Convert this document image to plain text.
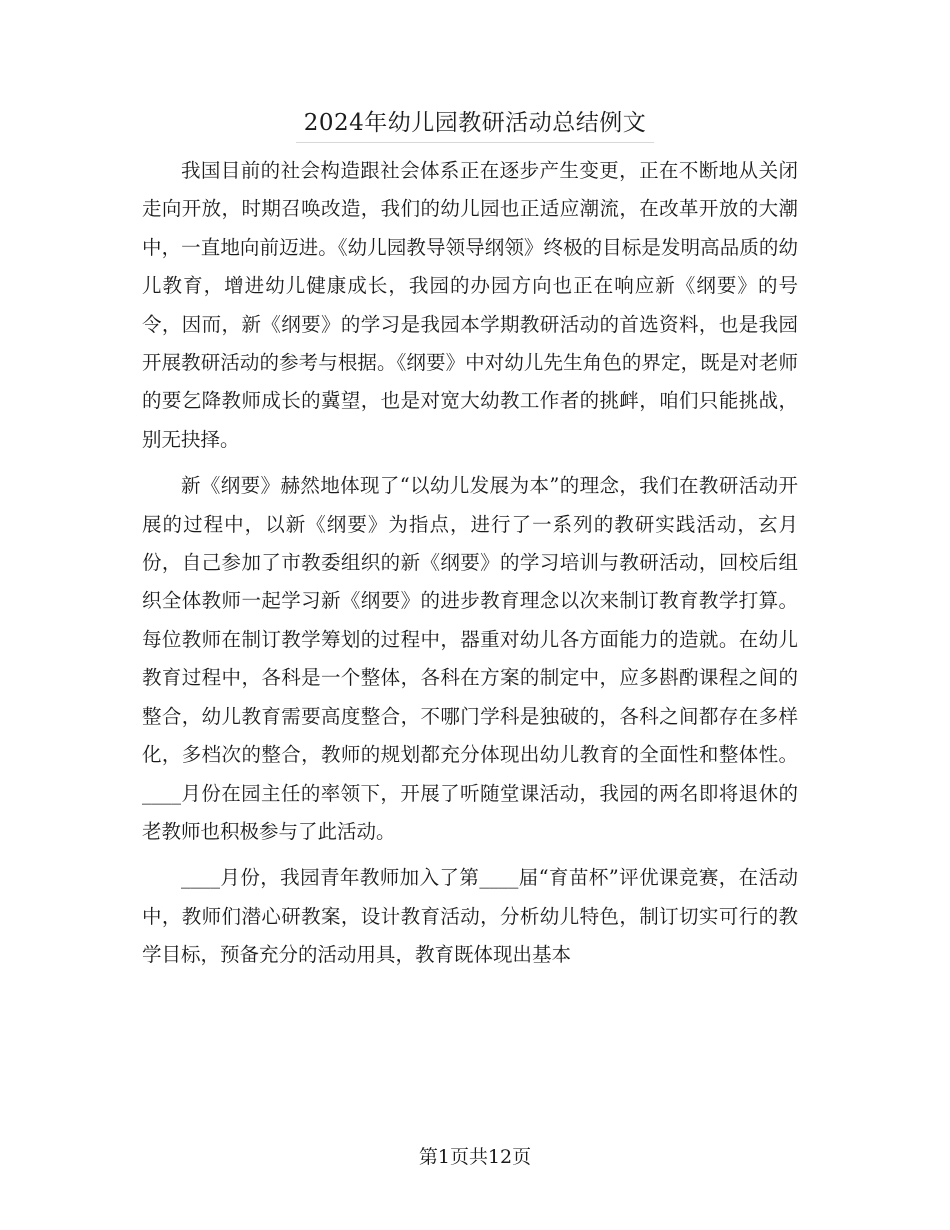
2024年幼儿园教研活动总结例文

我国目前的社会构造跟社会体系正在逐步产生变更，正在不断地从关闭走向开放，时期召唤改造，我们的幼儿园也正适应潮流，在改革开放的大潮中，一直地向前迈进。《幼儿园教导领导纲领》终极的目标是发明高品质的幼儿教育，增进幼儿健康成长，我园的办园方向也正在响应新《纲要》的号令，因而，新《纲要》的学习是我园本学期教研活动的首选资料，也是我园开展教研活动的参考与根据。《纲要》中对幼儿先生角色的界定，既是对老师的要乞降教师成长的冀望，也是对宽大幼教工作者的挑衅，咱们只能挑战，别无抉择。

新《纲要》赫然地体现了“以幼儿发展为本”的理念，我们在教研活动开展的过程中，以新《纲要》为指点，进行了一系列的教研实践活动，玄月份，自己参加了市教委组织的新《纲要》的学习培训与教研活动，回校后组织全体教师一起学习新《纲要》的进步教育理念以次来制订教育教学打算。每位教师在制订教学筹划的过程中，器重对幼儿各方面能力的造就。在幼儿教育过程中，各科是一个整体，各科在方案的制定中，应多斟酌课程之间的整合，幼儿教育需要高度整合，不哪门学科是独破的，各科之间都存在多样化，多档次的整合，教师的规划都充分体现出幼儿教育的全面性和整体性。____月份在园主任的率领下，开展了听随堂课活动，我园的两名即将退休的老教师也积极参与了此活动。

____月份，我园青年教师加入了第____届“育苗杯”评优课竞赛，在活动中，教师们潜心研教案，设计教育活动，分析幼儿特色，制订切实可行的教学目标，预备充分的活动用具，教育既体现出基本

第1页共12页
